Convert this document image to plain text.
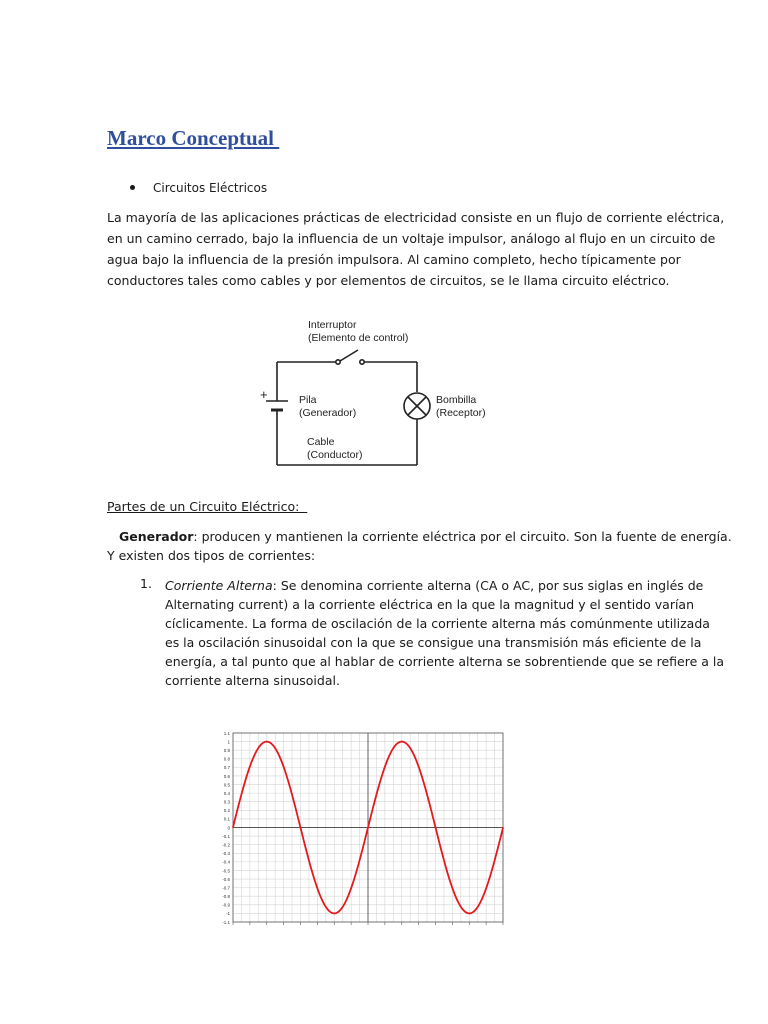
Marco Conceptual
Circuitos Eléctricos
La mayoría de las aplicaciones prácticas de electricidad consiste en un flujo de corriente eléctrica,
en un camino cerrado, bajo la influencia de un voltaje impulsor, análogo al flujo en un circuito de
agua bajo la influencia de la presión impulsora. Al camino completo, hecho típicamente por
conductores tales como cables y por elementos de circuitos, se le llama circuito eléctrico.
Interruptor
(Elemento de control)
+	Pila
(Generador)
Bombilla
(Receptor)
Cable
(Conductor)
Partes de un Circuito Eléctrico:
Generador: producen y mantienen la corriente eléctrica por el circuito. Son la fuente de energía.
Y existen dos tipos de corrientes:
1. Corriente Alterna: Se denomina corriente alterna (CA o AC, por sus siglas en inglés de
Alternating current) a la corriente eléctrica en la que la magnitud y el sentido varían
cíclicamente. La forma de oscilación de la corriente alterna más comúnmente utilizada
es la oscilación sinusoidal con la que se consigue una transmisión más eficiente de la
energía, a tal punto que al hablar de corriente alterna se sobrentiende que se refiere a la
corriente alterna sinusoidal.
1.1
1
0.9
0.8
0.7
0.6
0.5
0.4
0.3
0.2
0.1
0
-0.1
-0.2
-0.3
-0.4
-0.5
-0.6
-0.7
-0.8
-0.9
-1
-1.1
